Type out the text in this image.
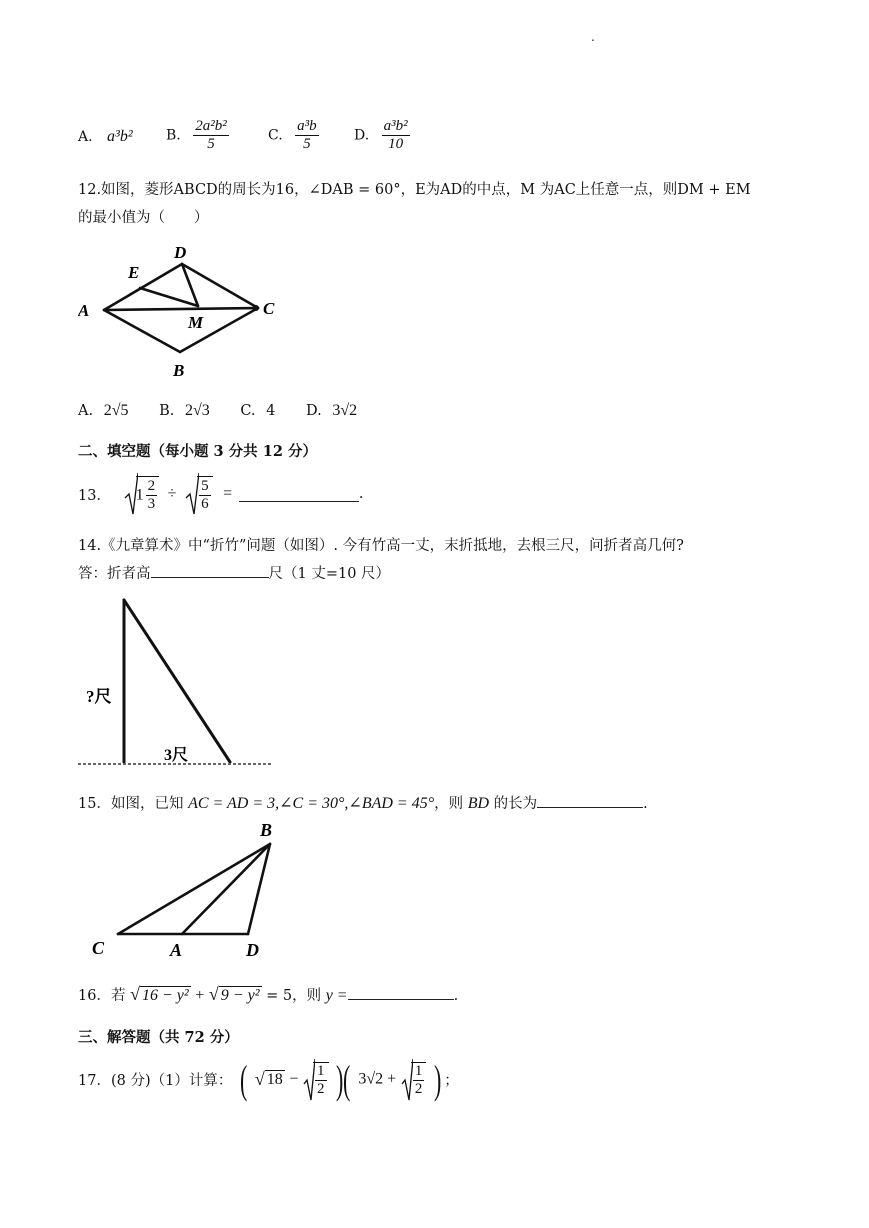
.
A. a³b² B. $\frac{\text{2a²b²}}{5}$	C. $\frac{\text{a³b}}{5}$	D. $\frac{\text{a³b²}}{10}$
12.如图，菱形ABCD的周长为16，∠DAB = 60°，E为AD的中点，M 为AC上任意一点，则DM + EM
的最小值为（　　）
A
D
E
C
M
B
A. 2√5 B. 2√3 C. 4 D. 3√2
二、填空题（每小题 3 分共 12 分）
13． $1 \frac{2}{3} \div \frac{5}{6}$ =	.
14.《九章算术》中“折竹”问题（如图）. 今有竹高一丈，末折抵地，去根三尺，问折者高几何?
答：折者高	尺（1 丈=10 尺）
?尺
3尺
15．如图，已知 AC = AD = 3,∠C = 30°,∠BAD = 45°，则 BD 的长为	.
B
C	A	D
16．若 √ 16 − y² + √ 9 − y² = 5，则 y =	.
三、解答题（共 72 分）
17．(8 分)（1）计算： ( √ $18 - \frac{1}{2}$ )( $3√2 + \frac{1}{2}$ ) ；
